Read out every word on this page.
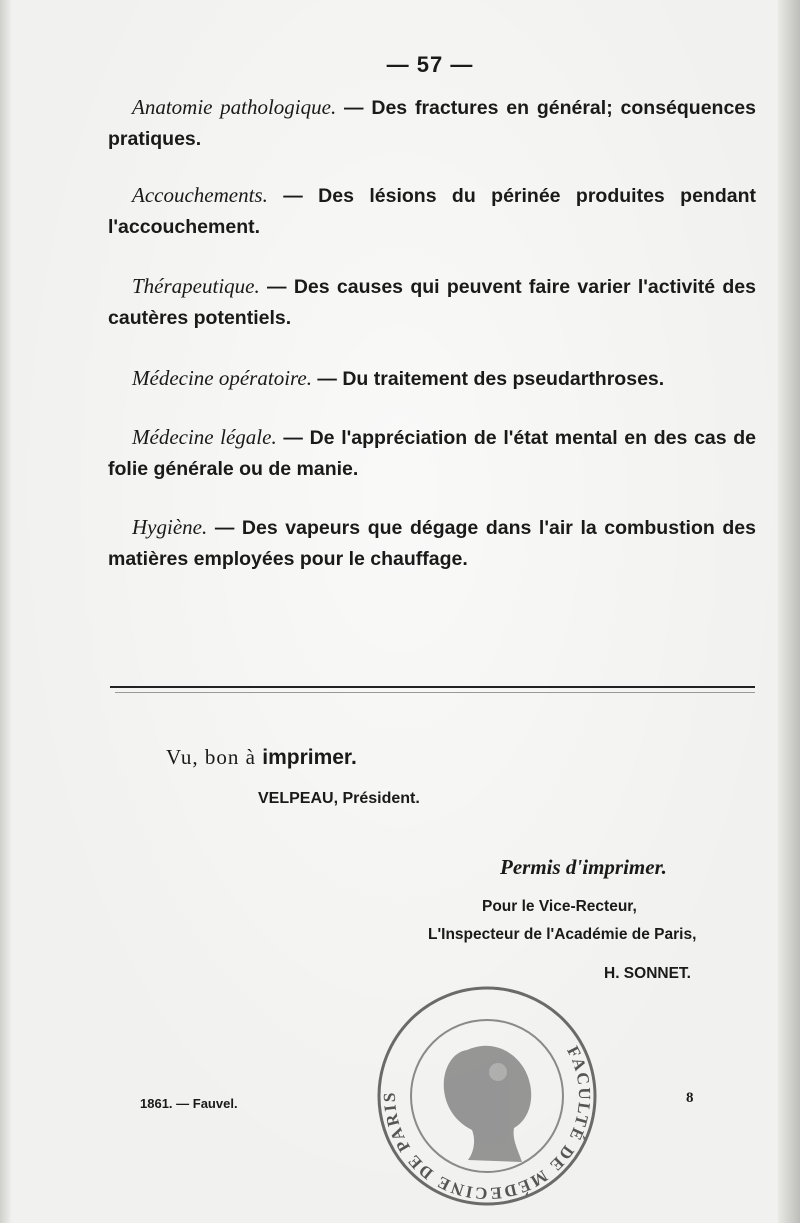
— 57 —
Anatomie pathologique. — Des fractures en général; conséquences pratiques.
Accouchements. — Des lésions du périnée produites pendant l'accouchement.
Thérapeutique. — Des causes qui peuvent faire varier l'activité des cautères potentiels.
Médecine opératoire. — Du traitement des pseudarthroses.
Médecine légale. — De l'appréciation de l'état mental en des cas de folie générale ou de manie.
Hygiène. — Des vapeurs que dégage dans l'air la combustion des matières employées pour le chauffage.
Vu, bon à imprimer.
VELPEAU, Président.
Permis d'imprimer.
Pour le Vice-Recteur,
L'Inspecteur de l'Académie de Paris,
H. SONNET.
1861. — Fauvel.	8
FACULTÉ DE MÉDECINE DE PARIS
